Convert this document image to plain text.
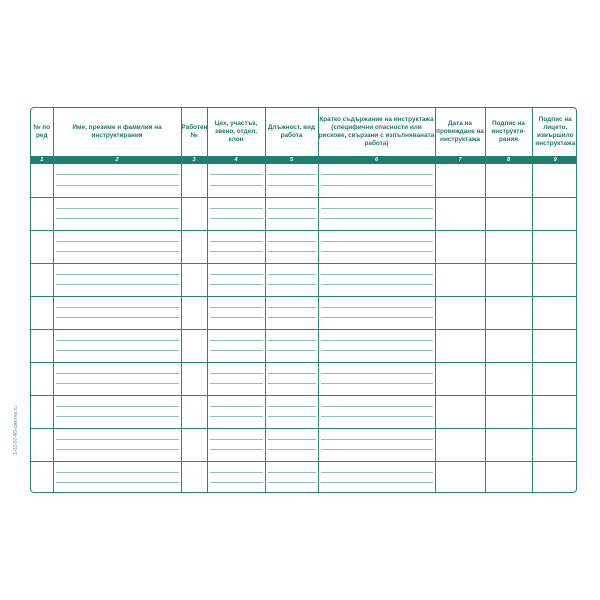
1-02-07-А5-сметна.ru
№ по ред	Име, презиме и фамилия на инструктирания	Работен №	Цех, участък, звено, отдел, клон	Длъжност, вид работа	Кратко съдържание на инструктажа (специфични опасности или рискове, свързани с изпълняваната работа)	Дата на провеждане на инструктажа	Подпис на инструкти- рания	Подпис на лицето, извършило инструктажа

1	2	3	4	5	6	7	8	9
